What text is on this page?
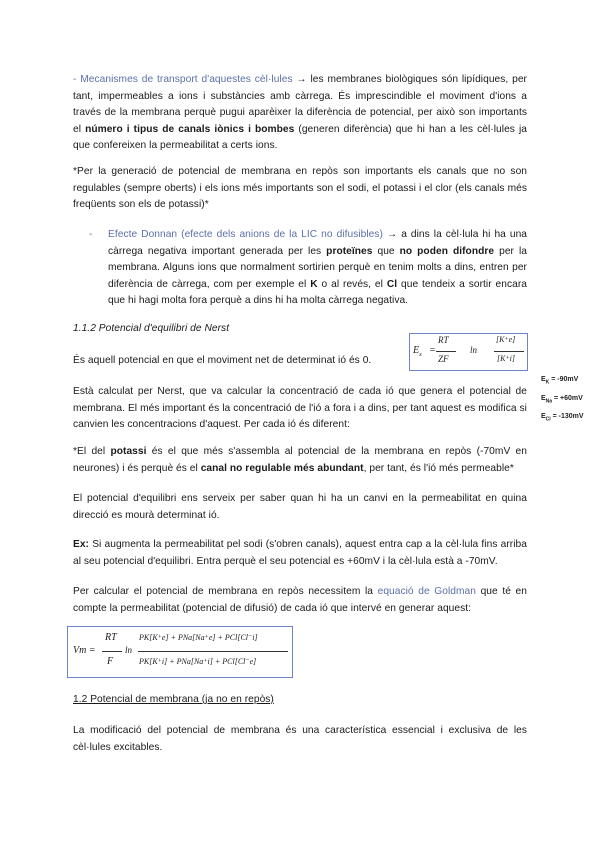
- Mecanismes de transport d'aquestes cèl·lules → les membranes biològiques són lipídiques, per tant, impermeables a ions i substàncies amb càrrega. És imprescindible el moviment d'ions a través de la membrana perquè pugui aparèixer la diferència de potencial, per això son importants el número i tipus de canals iònics i bombes (generen diferència) que hi han a les cèl·lules ja que confereixen la permeabilitat a certs ions.

*Per la generació de potencial de membrana en repòs son importants els canals que no son regulables (sempre oberts) i els ions més importants son el sodi, el potassi i el clor (els canals més freqüents son els de potassi)*

- Efecte Donnan (efecte dels anions de la LIC no difusibles) → a dins la cèl·lula hi ha una càrrega negativa important generada per les proteïnes que no poden difondre per la membrana. Alguns ions que normalment sortirien perquè en tenim molts a dins, entren per diferència de càrrega, com per exemple el K o al revés, el Cl que tendeix a sortir encara que hi hagi molta fora perquè a dins hi ha molta càrrega negativa.

1.1.2 Potencial d'equilibri de Nerst

És aquell potencial en que el moviment net de determinat ió és 0.

$E_x$ =
RT
ZF
ln
[K⁺e]
[K⁺i]
$E_K = -90mV$
$E_{Na} = +60mV$
$E_{Cl} = -130mV$

Està calculat per Nerst, que va calcular la concentració de cada ió que genera el potencial de membrana. El més important és la concentració de l'ió a fora i a dins, per tant aquest es modifica si canvien les concentracions d'aquest. Per cada ió és diferent:

*El del potassi és el que més s'assembla al potencial de la membrana en repòs (-70mV en neurones) i és perquè és el canal no regulable més abundant, per tant, és l'ió més permeable*

El potencial d'equilibri ens serveix per saber quan hi ha un canvi en la permeabilitat en quina direcció es mourà determinat ió.

Ex: Si augmenta la permeabilitat pel sodi (s'obren canals), aquest entra cap a la cèl·lula fins arriba al seu potencial d'equilibri. Entra perquè el seu potencial es +60mV i la cèl·lula està a -70mV.

Per calcular el potencial de membrana en repòs necessitem la equació de Goldman que té en compte la permeabilitat (potencial de difusió) de cada ió que intervé en generar aquest:

Vm =
RT
F
ln
PK[K⁺e] + PNa[Na⁺e] + PCl[Cl⁻i]
PK[K⁺i] + PNa[Na⁺i] + PCl[Cl⁻e]

1.2 Potencial de membrana (ja no en repòs)

La modificació del potencial de membrana és una característica essencial i exclusiva de les cèl·lules excitables.
